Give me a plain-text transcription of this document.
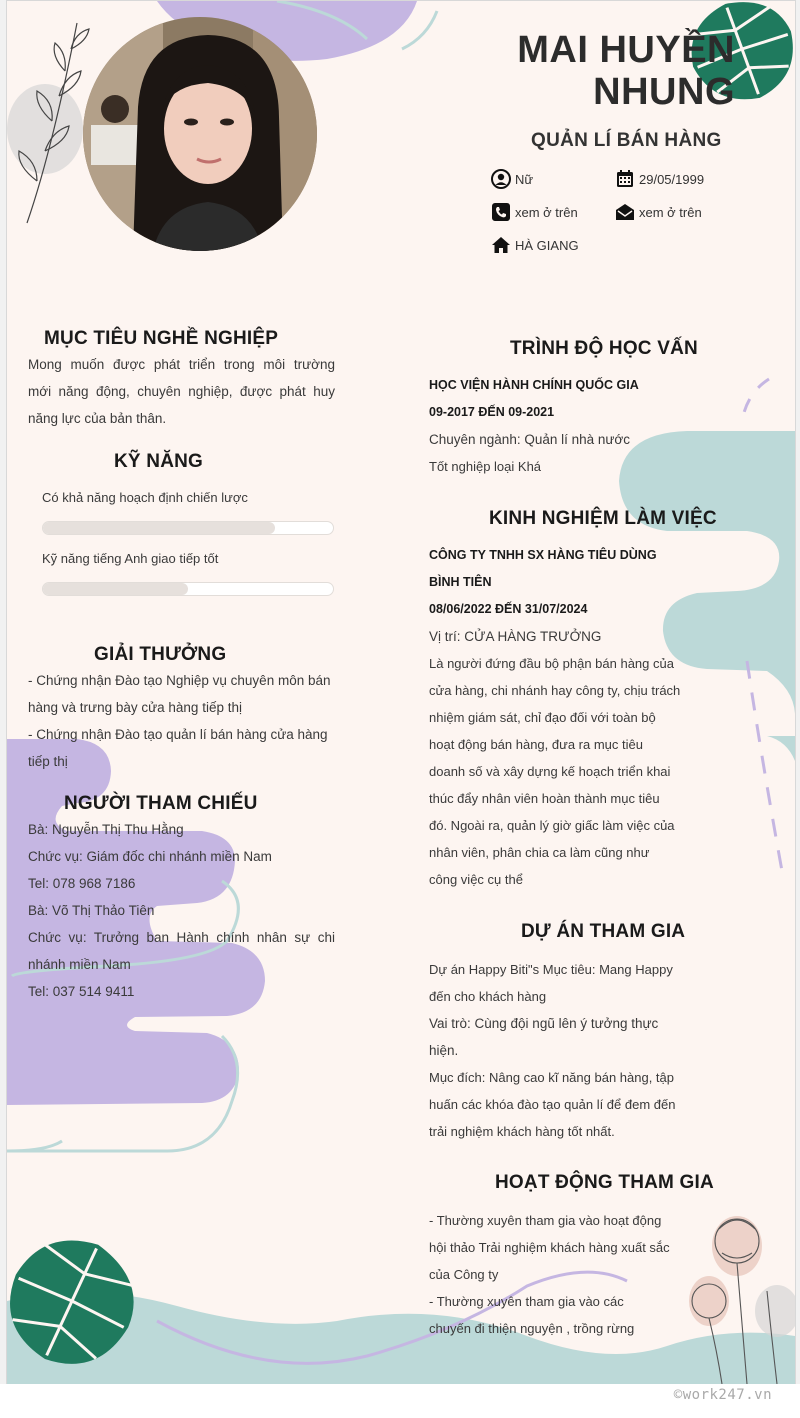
MAI HUYỀN
NHUNG
QUẢN LÍ BÁN HÀNG
Nữ	29/05/1999
xem ở trên	xem ở trên
HÀ GIANG
MỤC TIÊU NGHỀ NGHIỆP
Mong muốn được phát triển trong môi trường
mới năng động, chuyên nghiệp, được phát huy
năng lực của bản thân.
KỸ NĂNG
Có khả năng hoạch định chiến lược
Kỹ năng tiếng Anh giao tiếp tốt
GIẢI THƯỞNG
- Chứng nhận Đào tạo Nghiệp vụ chuyên môn bán
hàng và trưng bày cửa hàng tiếp thị
- Chứng nhận Đào tạo quản lí bán hàng cửa hàng
tiếp thị
NGƯỜI THAM CHIẾU
Bà: Nguyễn Thị Thu Hằng
Chức vụ: Giám đốc chi nhánh miền Nam
Tel: 078 968 7186
Bà: Võ Thị Thảo Tiên
Chức vụ: Trưởng ban Hành chính nhân sự chi
nhánh miền Nam
Tel: 037 514 9411
TRÌNH ĐỘ HỌC VẤN
HỌC VIỆN HÀNH CHÍNH QUỐC GIA
09-2017 ĐẾN 09-2021
Chuyên ngành: Quản lí nhà nước
Tốt nghiệp loại Khá
KINH NGHIỆM LÀM VIỆC
CÔNG TY TNHH SX HÀNG TIÊU DÙNG
BÌNH TIÊN
08/06/2022 ĐẾN 31/07/2024
Vị trí: CỬA HÀNG TRƯỞNG
Là người đứng đầu bộ phận bán hàng của
cửa hàng, chi nhánh hay công ty, chịu trách
nhiệm giám sát, chỉ đạo đối với toàn bộ
hoạt động bán hàng, đưa ra mục tiêu
doanh số và xây dựng kế hoạch triển khai
thúc đẩy nhân viên hoàn thành mục tiêu
đó. Ngoài ra, quản lý giờ giấc làm việc của
nhân viên, phân chia ca làm cũng như
công việc cụ thể
DỰ ÁN THAM GIA
Dự án Happy Biti"s Mục tiêu: Mang Happy
đến cho khách hàng
Vai trò: Cùng đội ngũ lên ý tưởng thực
hiện.
Mục đích: Nâng cao kĩ năng bán hàng, tập
huấn các khóa đào tạo quản lí để đem đến
trải nghiệm khách hàng tốt nhất.
HOẠT ĐỘNG THAM GIA
- Thường xuyên tham gia vào hoạt động
hội thảo Trải nghiệm khách hàng xuất sắc
của Công ty
- Thường xuyên tham gia vào các
chuyến đi thiện nguyện , trồng rừng
©work247.vn
